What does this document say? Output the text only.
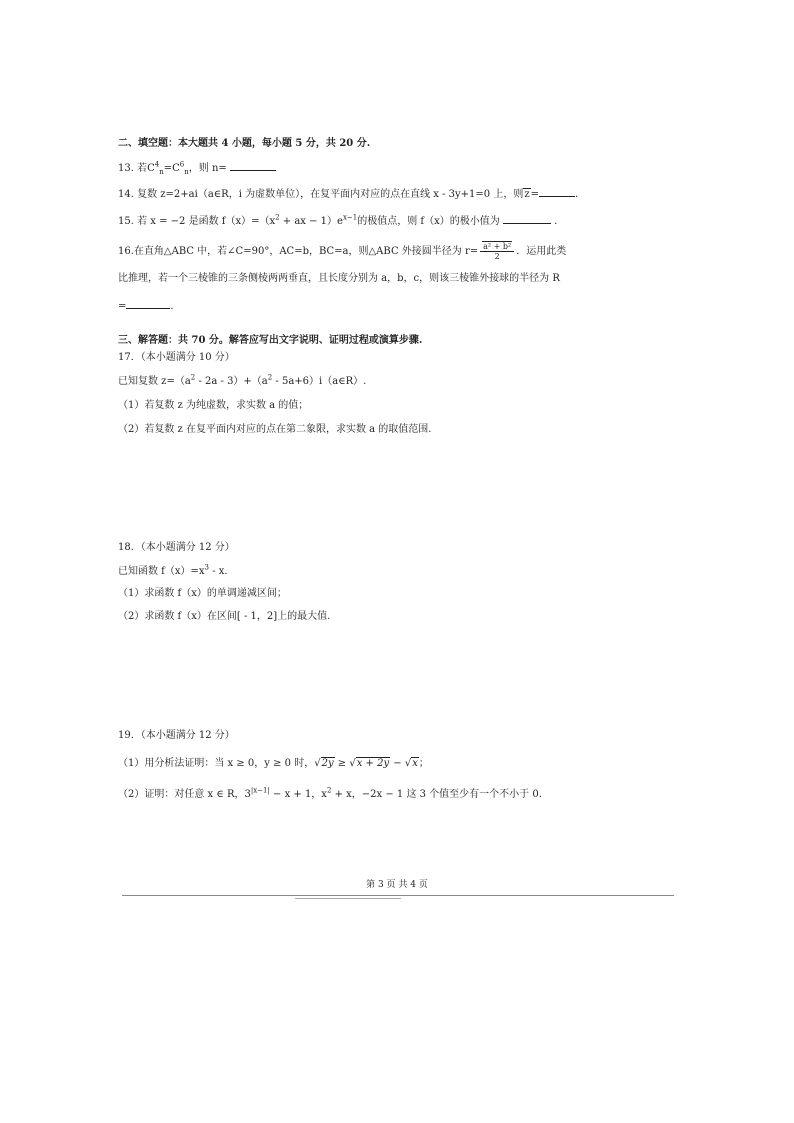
二、填空题：本大题共 4 小题，每小题 5 分，共 20 分.
13. 若$C^4_n=C^6_n$，则 n=
14. 复数 z=2+ai（a∈R，i 为虚数单位），在复平面内对应的点在直线 x - 3y+1=0 上，则z=	.
15. 若 x = −2 是函数 $f(x)=(x^2$ + ax − $1)e^{x-1}$的极值点，则 f（x）的极小值为	.
16.在直角△ABC 中，若∠C=90°，AC=b，BC=a，则△ABC 外接圆半径为 $r= \frac{\text{a² + b²}}{2}$ ．运用此类
比推理，若一个三棱锥的三条侧棱两两垂直，且长度分别为 a，b，c，则该三棱锥外接球的半径为 R
=	.
三、解答题：共 70 分。解答应写出文字说明、证明过程或演算步骤.
17．（本小题满分 10 分）
已知复数 $z=(a^2 - 2a - 3)+(a^2$ - 5a+6）i（a∈R）.
（1）若复数 z 为纯虚数，求实数 a 的值；
（2）若复数 z 在复平面内对应的点在第二象限，求实数 a 的取值范围.
18．（本小题满分 12 分）
已知函数 $f(x)=x^3 - x$.
（1）求函数 f（x）的单调递减区间；
（2）求函数 f（x）在区间[ - 1，2]上的最大值.
19．（本小题满分 12 分）
（1）用分析法证明：当 x ≥ 0，y ≥ 0 时，√2y ≥ √x + 2y − √x；
（2）证明：对任意 x ∈ R，$3^{|x-1|} - x + 1$，$x^2 + x$，−2x − 1 这 3 个值至少有一个不小于 0.
第 3 页 共 4 页
